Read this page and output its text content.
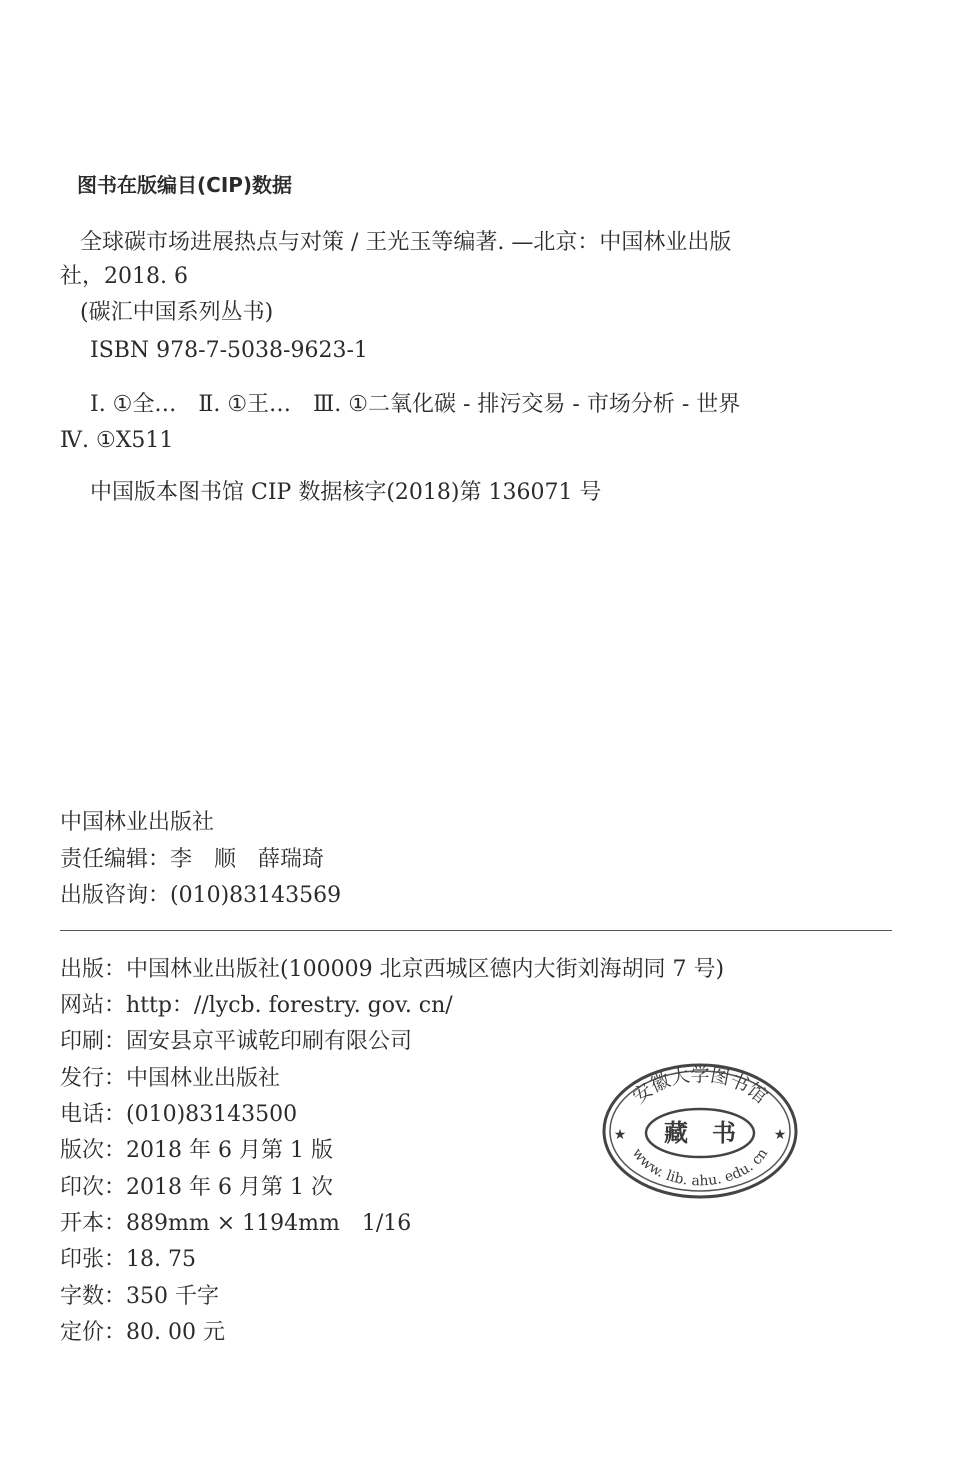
图书在版编目(CIP)数据
全球碳市场进展热点与对策 / 王光玉等编著. —北京：中国林业出版
社，2018. 6
(碳汇中国系列丛书)
ISBN 978-7-5038-9623-1
Ⅰ. ①全…　Ⅱ. ①王…　Ⅲ. ①二氧化碳 - 排污交易 - 市场分析 - 世界
Ⅳ. ①X511
中国版本图书馆 CIP 数据核字(2018)第 136071 号
中国林业出版社
责任编辑：李　顺　薛瑞琦
出版咨询：(010)83143569
出版：中国林业出版社(100009 北京西城区德内大街刘海胡同 7 号)
网站：http：//lycb. forestry. gov. cn/
印刷：固安县京平诚乾印刷有限公司
发行：中国林业出版社
电话：(010)83143500
版次：2018 年 6 月第 1 版
印次：2018 年 6 月第 1 次
开本：889mm × 1194mm　1/16
印张：18. 75
字数：350 千字
定价：80. 00 元
安徽大学图书馆
www. lib. ahu. edu. cn
藏　书
★	★
